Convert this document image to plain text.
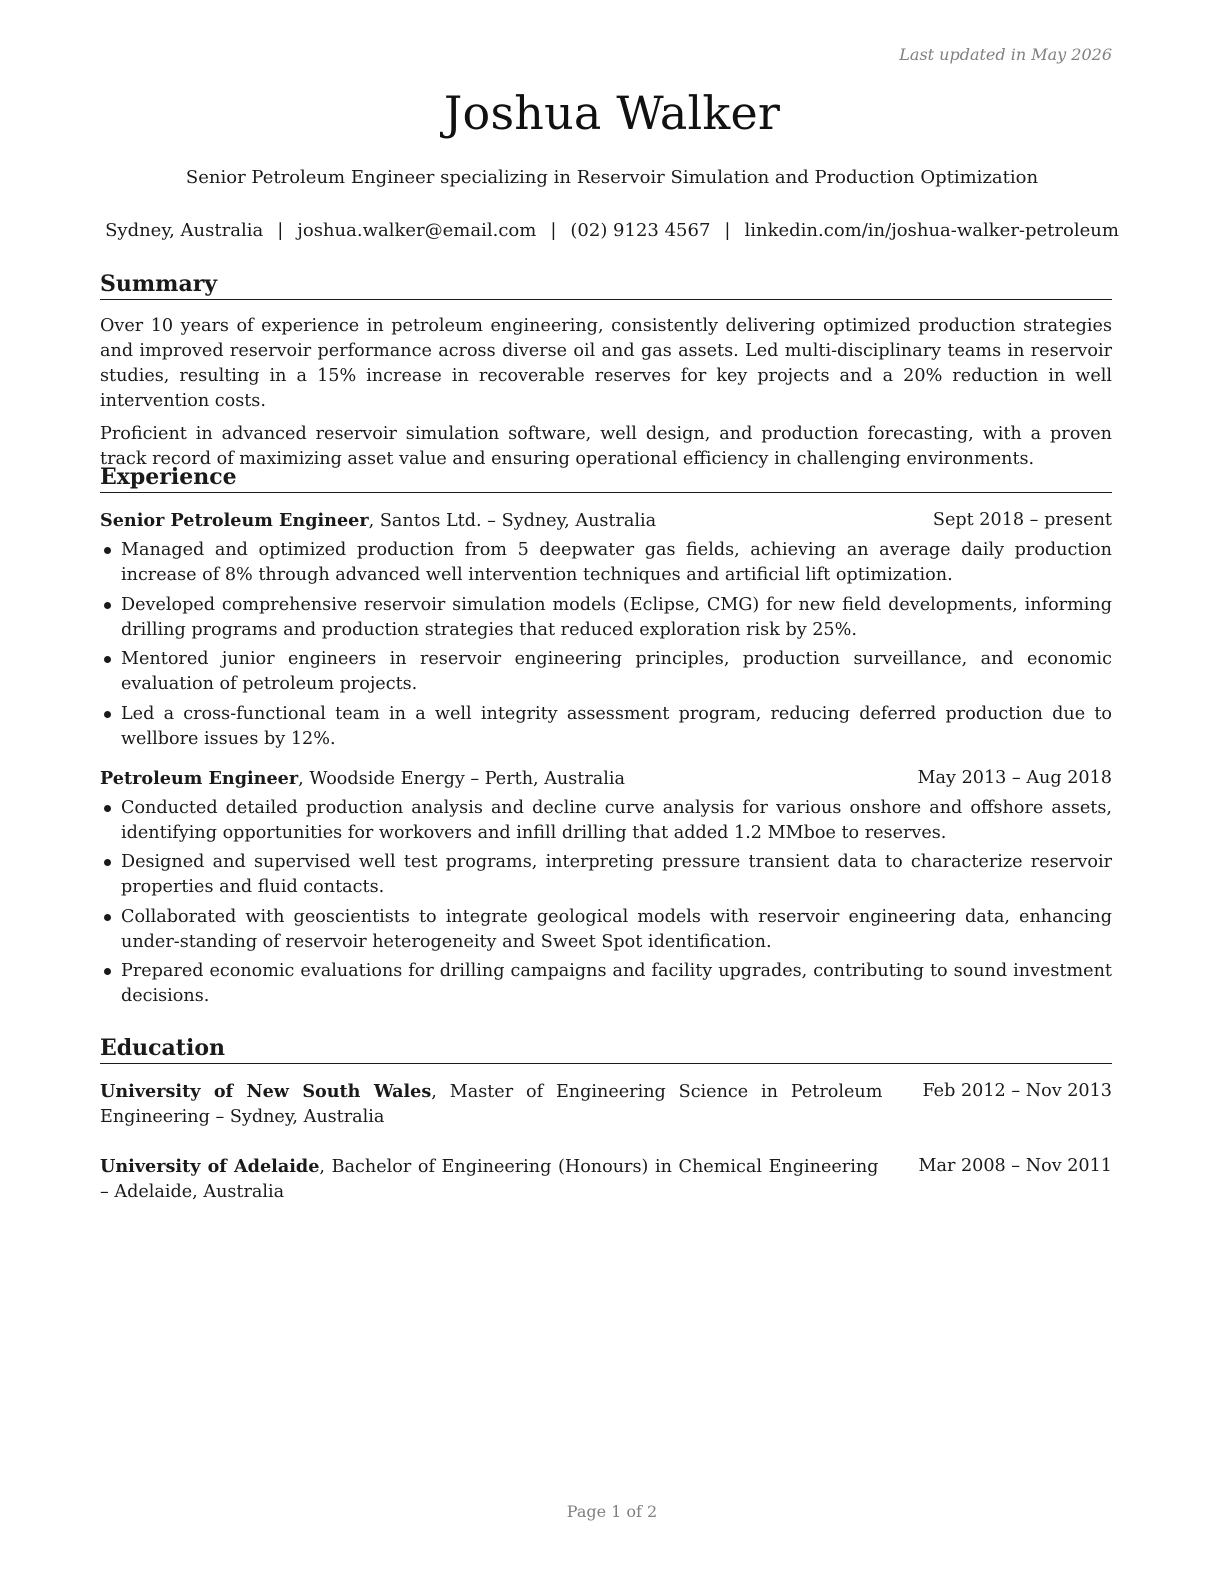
Last updated in May 2026
Joshua Walker
Senior Petroleum Engineer specializing in Reservoir Simulation and Production Optimization
Sydney, Australia | joshua.walker@email.com | (02) 9123 4567 | linkedin.com/in/joshua-walker-petroleum
Summary

Over 10 years of experience in petroleum engineering, consistently delivering optimized production strategies and improved reservoir performance across diverse oil and gas assets. Led multi-disciplinary teams in reservoir studies, resulting in a 15% increase in recoverable reserves for key projects and a 20% reduction in well intervention costs.

Proficient in advanced reservoir simulation software, well design, and production forecasting, with a proven track record of maximizing asset value and ensuring operational efficiency in challenging environments.

Experience
Senior Petroleum Engineer, Santos Ltd. – Sydney, Australia	Sept 2018 – present
Managed and optimized production from 5 deepwater gas fields, achieving an average daily production increase of 8% through advanced well intervention techniques and artificial lift optimization.
Developed comprehensive reservoir simulation models (Eclipse, CMG) for new field developments, informing drilling programs and production strategies that reduced exploration risk by 25%.
Mentored junior engineers in reservoir engineering principles, production surveillance, and economic evaluation of petroleum projects.
Led a cross-functional team in a well integrity assessment program, reducing deferred production due to wellbore issues by 12%.
Petroleum Engineer, Woodside Energy – Perth, Australia	May 2013 – Aug 2018
Conducted detailed production analysis and decline curve analysis for various onshore and offshore assets, identifying opportunities for workovers and infill drilling that added 1.2 MMboe to reserves.
Designed and supervised well test programs, interpreting pressure transient data to characterize reservoir properties and fluid contacts.
Collaborated with geoscientists to integrate geological models with reservoir engineering data, enhancing under-standing of reservoir heterogeneity and Sweet Spot identification.
Prepared economic evaluations for drilling campaigns and facility upgrades, contributing to sound investment decisions.
Education
University of New South Wales, Master of Engineering Science in Petroleum Engineering – Sydney, Australia
Feb 2012 – Nov 2013
University of Adelaide, Bachelor of Engineering (Honours) in Chemical Engineering – Adelaide, Australia
Mar 2008 – Nov 2011
Page 1 of 2
